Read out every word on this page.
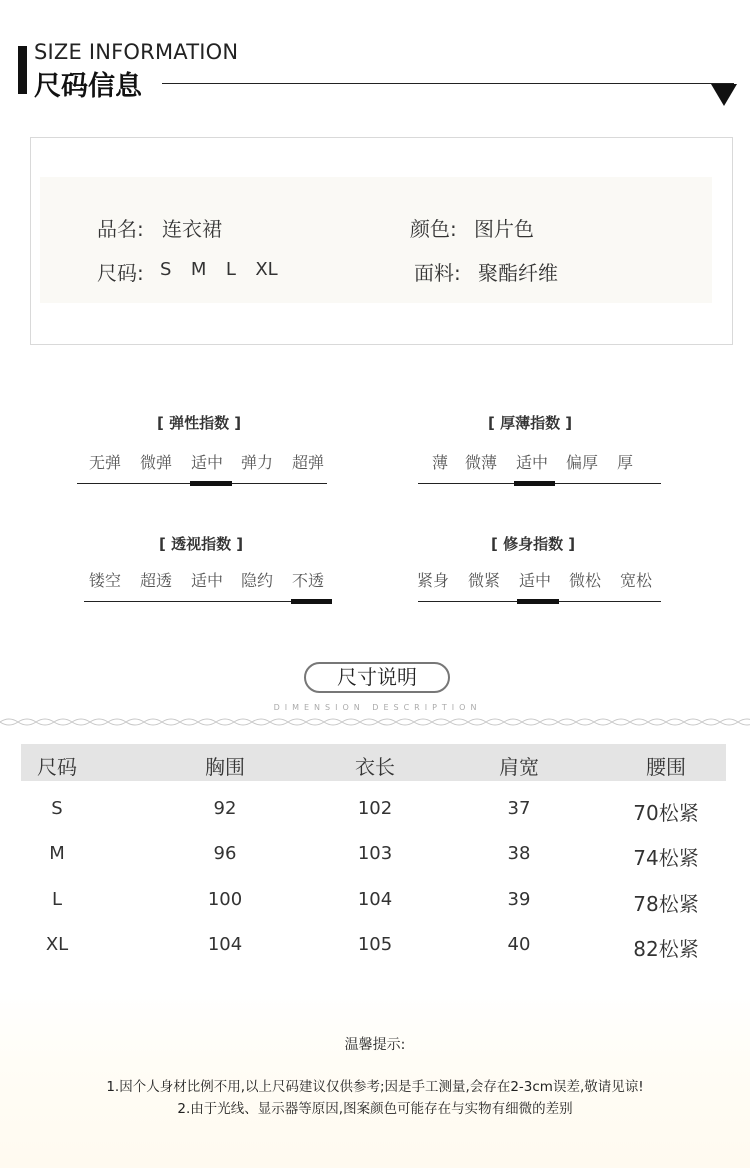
SIZE INFORMATION
尺码信息
品名: 连衣裙	颜色: 图片色
尺码: S  M  L  XL	面料: 聚酯纤维
[ 弹性指数 ]
无弹 微弹 适中 弹力 超弹
[ 厚薄指数 ]
薄 微薄 适中 偏厚 厚
[ 透视指数 ]
镂空 超透 适中 隐约 不透
[ 修身指数 ]
紧身 微紧 适中 微松 宽松
尺寸说明
DIMENSION DESCRIPTION
尺码	胸围	衣长	肩宽	腰围
S	92	102	37	70松紧
M	96	103	38	74松紧
L	100	104	39	78松紧
XL	104	105	40	82松紧
温馨提示:
1.因个人身材比例不用,以上尺码建议仅供参考;因是手工测量,会存在2-3cm误差,敬请见谅!
2.由于光线、显示器等原因,图案颜色可能存在与实物有细微的差别
